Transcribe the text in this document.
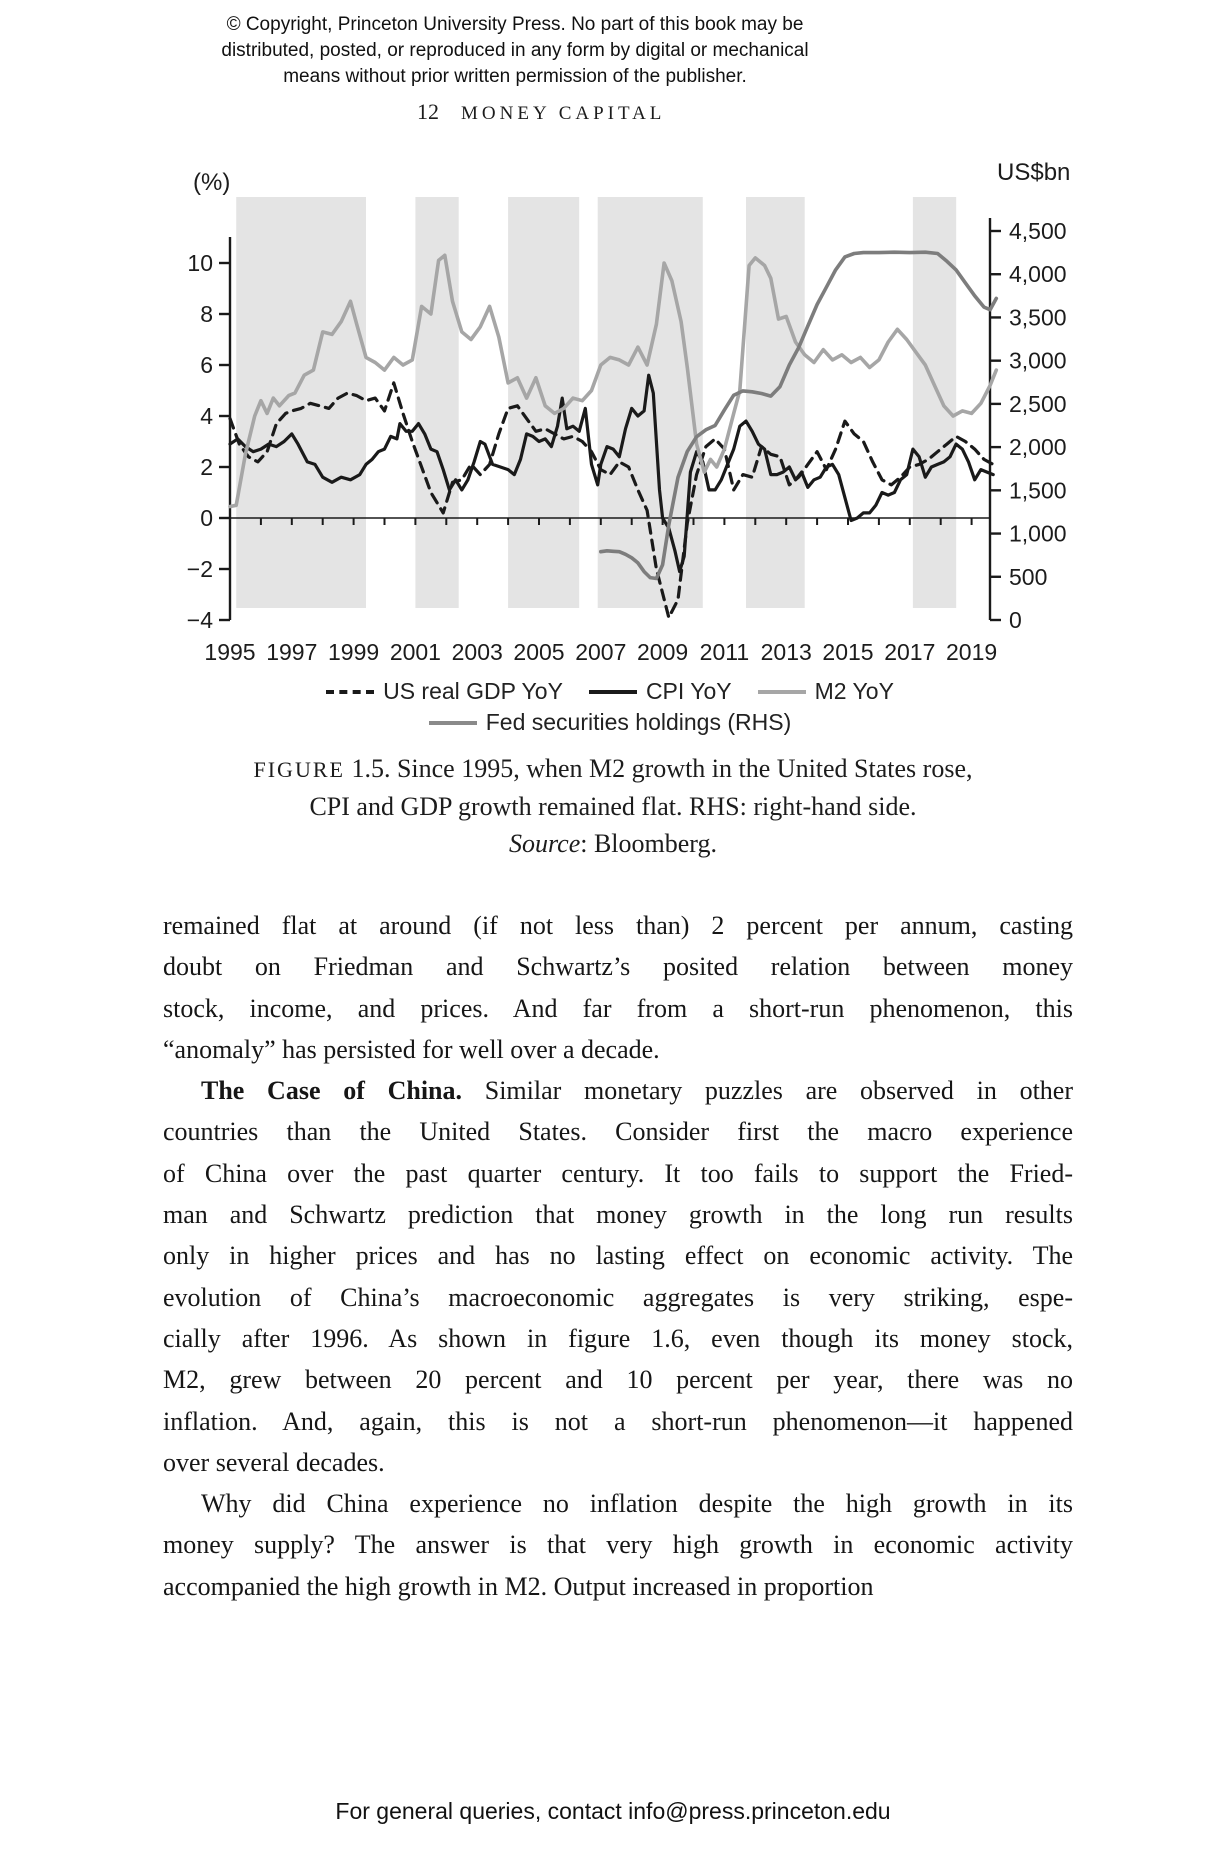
© Copyright, Princeton University Press. No part of this book may be
distributed, posted, or reproduced in any form by digital or mechanical
means without prior written permission of the publisher.
12 MONEY CAPITAL
10
8
6
4
2
0
−2
−4
(%)
4,500
4,000
3,500
3,000
2,500
2,000
1,500
1,000
500
0
US$bn
1995 1997 1999 2001 2003 2005 2007 2009 2011 2013 2015 2017 2019
US real GDP YoY	CPI YoY	M2 YoY
Fed securities holdings (RHS)
FIGURE 1.5. Since 1995, when M2 growth in the United States rose,
CPI and GDP growth remained flat. RHS: right-hand side.
Source: Bloomberg.
remained flat at around (if not less than) 2 percent per annum, casting
doubt on Friedman and Schwartz’s posited relation between money
stock, income, and prices. And far from a short-run phenomenon, this
“anomaly” has persisted for well over a decade.
The Case of China. Similar monetary puzzles are observed in other
countries than the United States. Consider first the macro experience
of China over the past quarter century. It too fails to support the Fried-
man and Schwartz prediction that money growth in the long run results
only in higher prices and has no lasting effect on economic activity. The
evolution of China’s macroeconomic aggregates is very striking, espe-
cially after 1996. As shown in figure 1.6, even though its money stock,
M2, grew between 20 percent and 10 percent per year, there was no
inflation. And, again, this is not a short-run phenomenon—it happened
over several decades.
Why did China experience no inflation despite the high growth in its
money supply? The answer is that very high growth in economic activity
accompanied the high growth in M2. Output increased in proportion
For general queries, contact info@press.princeton.edu
